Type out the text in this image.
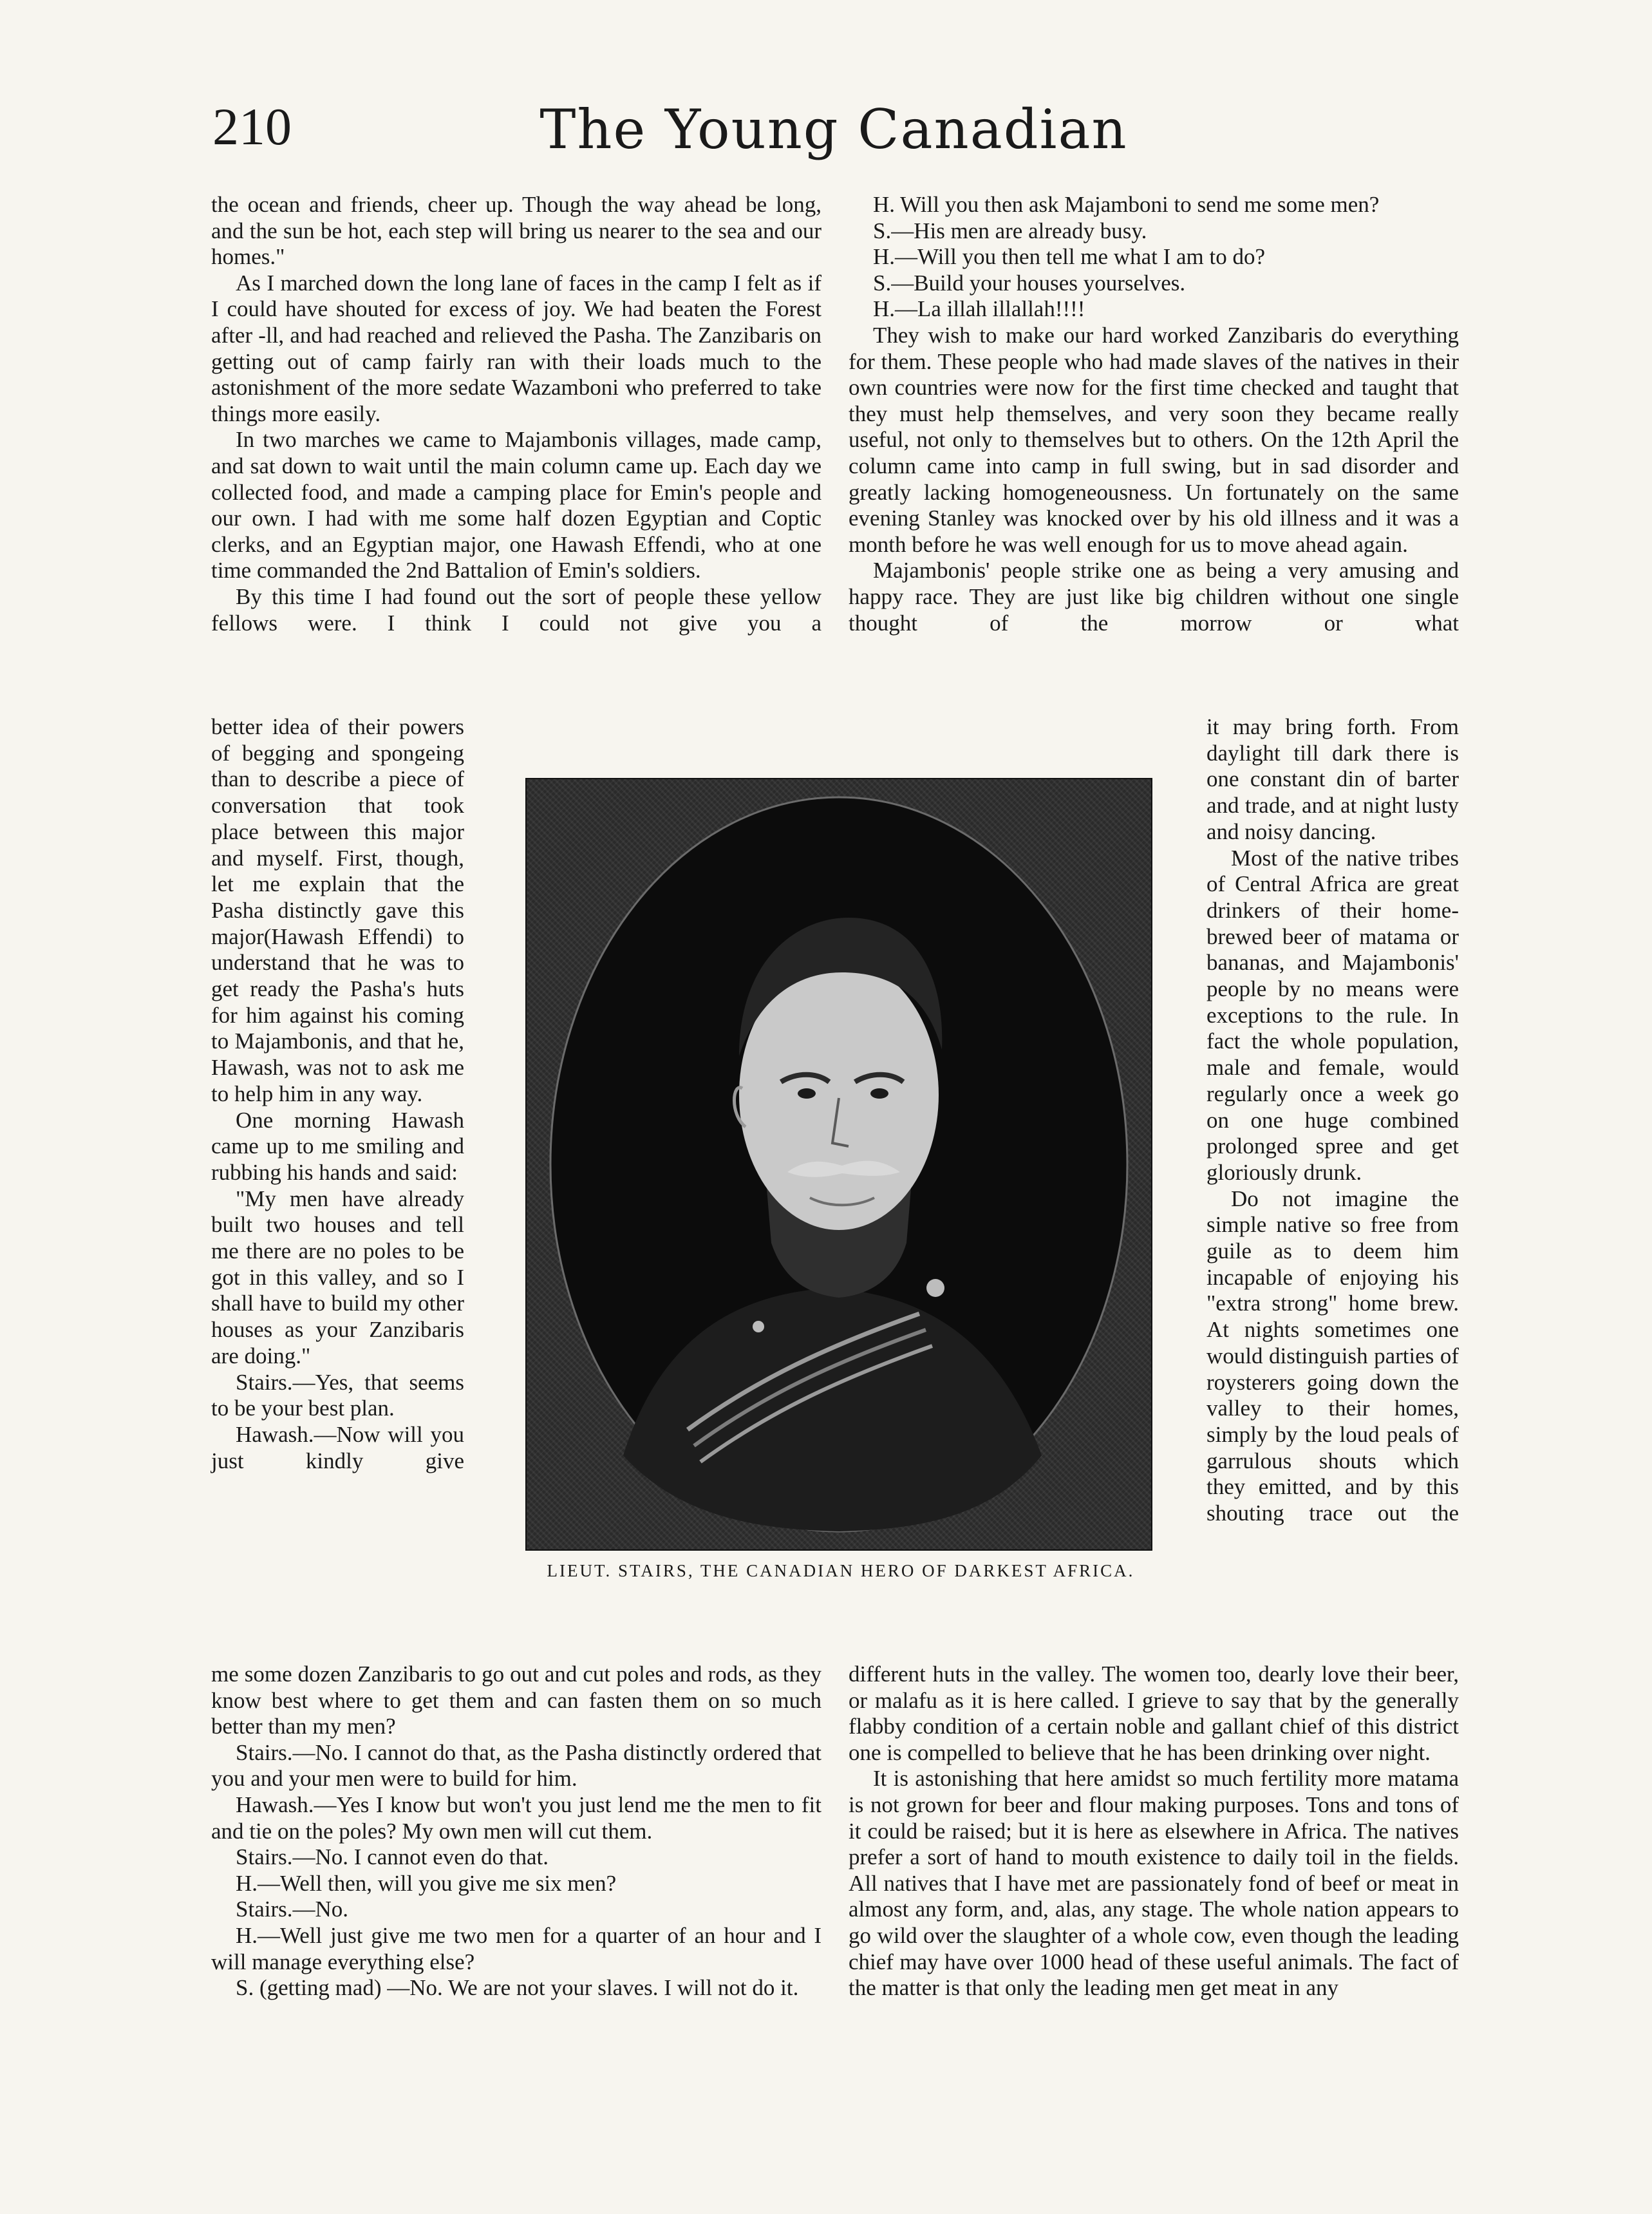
210	The Young Canadian

the ocean and friends, cheer up. Though the way ahead be long, and the sun be hot, each step will bring us nearer to the sea and our homes."

As I marched down the long lane of faces in the camp I felt as if I could have shouted for excess of joy. We had beaten the Forest after -ll, and had reached and relieved the Pasha. The Zanzibaris on getting out of camp fairly ran with their loads much to the astonishment of the more sedate Wazamboni who preferred to take things more easily.

In two marches we came to Majambonis villages, made camp, and sat down to wait until the main column came up. Each day we collected food, and made a camping place for Emin's people and our own. I had with me some half dozen Egyptian and Coptic clerks, and an Egyptian major, one Hawash Effendi, who at one time commanded the 2nd Battalion of Emin's soldiers.

By this time I had found out the sort of people these yellow fellows were. I think I could not give you a

better idea of their powers of begging and spongeing than to describe a piece of conversation that took place between this major and myself. First, though, let me explain that the Pasha distinctly gave this major(Hawash Effendi) to understand that he was to get ready the Pasha's huts for him against his coming to Majambonis, and that he, Hawash, was not to ask me to help him in any way.

One morning Hawash came up to me smiling and rubbing his hands and said:

"My men have already built two houses and tell me there are no poles to be got in this valley, and so I shall have to build my other houses as your Zanzibaris are doing."

Stairs.—Yes, that seems to be your best plan.

Hawash.—Now will you just kindly give

me some dozen Zanzibaris to go out and cut poles and rods, as they know best where to get them and can fasten them on so much better than my men?

Stairs.—No. I cannot do that, as the Pasha distinctly ordered that you and your men were to build for him.

Hawash.—Yes I know but won't you just lend me the men to fit and tie on the poles? My own men will cut them.

Stairs.—No. I cannot even do that.

H.—Well then, will you give me six men?

Stairs.—No.

H.—Well just give me two men for a quarter of an hour and I will manage everything else?

S. (getting mad) —No. We are not your slaves. I will not do it.

H. Will you then ask Majamboni to send me some men?

S.—His men are already busy.

H.—Will you then tell me what I am to do?

S.—Build your houses yourselves.

H.—La illah illallah!!!!

They wish to make our hard worked Zanzibaris do everything for them. These people who had made slaves of the natives in their own countries were now for the first time checked and taught that they must help themselves, and very soon they became really useful, not only to themselves but to others. On the 12th April the column came into camp in full swing, but in sad disorder and greatly lacking homogeneousness. Un fortunately on the same evening Stanley was knocked over by his old illness and it was a month before he was well enough for us to move ahead again.

Majambonis' people strike one as being a very amusing and happy race. They are just like big children without one single thought of the morrow or what

it may bring forth. From daylight till dark there is one constant din of barter and trade, and at night lusty and noisy dancing.

Most of the native tribes of Central Africa are great drinkers of their home-brewed beer of matama or bananas, and Majambonis' people by no means were exceptions to the rule. In fact the whole population, male and female, would regularly once a week go on one huge combined prolonged spree and get gloriously drunk.

Do not imagine the simple native so free from guile as to deem him incapable of enjoying his "extra strong" home brew. At nights sometimes one would distinguish parties of roysterers going down the valley to their homes, simply by the loud peals of garrulous shouts which they emitted, and by this shouting trace out the

different huts in the valley. The women too, dearly love their beer, or malafu as it is here called. I grieve to say that by the generally flabby condition of a certain noble and gallant chief of this district one is compelled to believe that he has been drinking over night.

It is astonishing that here amidst so much fertility more matama is not grown for beer and flour making purposes. Tons and tons of it could be raised; but it is here as elsewhere in Africa. The natives prefer a sort of hand to mouth existence to daily toil in the fields. All natives that I have met are passionately fond of beef or meat in almost any form, and, alas, any stage. The whole nation appears to go wild over the slaughter of a whole cow, even though the leading chief may have over 1000 head of these useful animals. The fact of the matter is that only the leading men get meat in any

LIEUT. STAIRS, THE CANADIAN HERO OF DARKEST AFRICA.
